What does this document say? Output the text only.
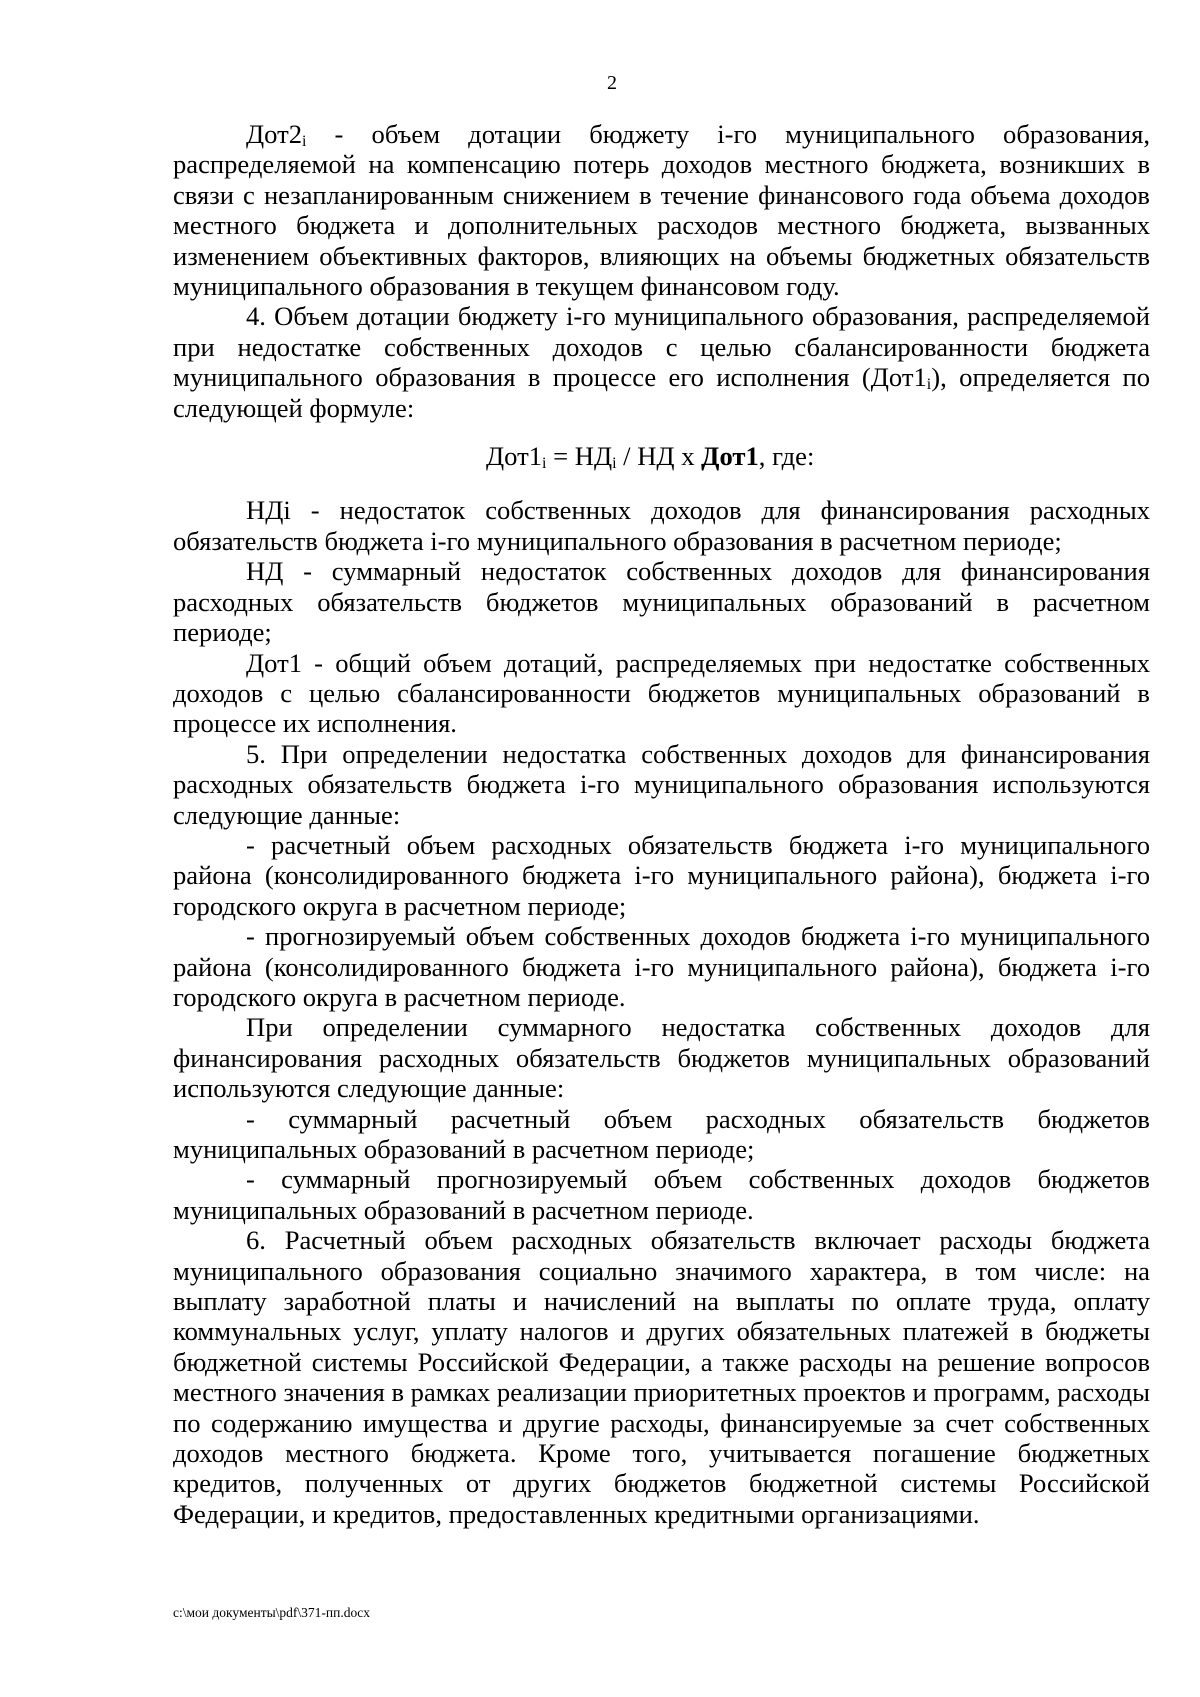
2

$Дот2_i$ - объем дотации бюджету i-го муниципального образования, распределяемой на компенсацию потерь доходов местного бюджета, возникших в связи с незапланированным снижением в течение финансового года объема доходов местного бюджета и дополнительных расходов местного бюджета, вызванных изменением объективных факторов, влияющих на объемы бюджетных обязательств муниципального образования в текущем финансовом году.

4. Объем дотации бюджету i-го муниципального образования, распределяемой при недостатке собственных доходов с целью сбалансированности бюджета муниципального образования в процессе его исполнения $(Дот1_i)$, определяется по следующей формуле:

$Дот1_i = НД_i$ / НД х Дот1, где:

НДi - недостаток собственных доходов для финансирования расходных обязательств бюджета i-го муниципального образования в расчетном периоде;

НД - суммарный недостаток собственных доходов для финансирования расходных обязательств бюджетов муниципальных образований в расчетном периоде;

Дот1 - общий объем дотаций, распределяемых при недостатке собственных доходов с целью сбалансированности бюджетов муниципальных образований в процессе их исполнения.

5. При определении недостатка собственных доходов для финансирования расходных обязательств бюджета i-го муниципального образования используются следующие данные:

- расчетный объем расходных обязательств бюджета i-го муниципального района (консолидированного бюджета i-го муниципального района), бюджета i-го городского округа в расчетном периоде;

- прогнозируемый объем собственных доходов бюджета i-го муниципального района (консолидированного бюджета i-го муниципального района), бюджета i-го городского округа в расчетном периоде.

При определении суммарного недостатка собственных доходов для финансирования расходных обязательств бюджетов муниципальных образований используются следующие данные:

- суммарный расчетный объем расходных обязательств бюджетов муниципальных образований в расчетном периоде;

- суммарный прогнозируемый объем собственных доходов бюджетов муниципальных образований в расчетном периоде.

6. Расчетный объем расходных обязательств включает расходы бюджета муниципального образования социально значимого характера, в том числе: на выплату заработной платы и начислений на выплаты по оплате труда, оплату коммунальных услуг, уплату налогов и других обязательных платежей в бюджеты бюджетной системы Российской Федерации, а также расходы на решение вопросов местного значения в рамках реализации приоритетных проектов и программ, расходы по содержанию имущества и другие расходы, финансируемые за счет собственных доходов местного бюджета. Кроме того, учитывается погашение бюджетных кредитов, полученных от других бюджетов бюджетной системы Российской Федерации, и кредитов, предоставленных кредитными организациями.

c:\мои документы\pdf\371-пп.docx
